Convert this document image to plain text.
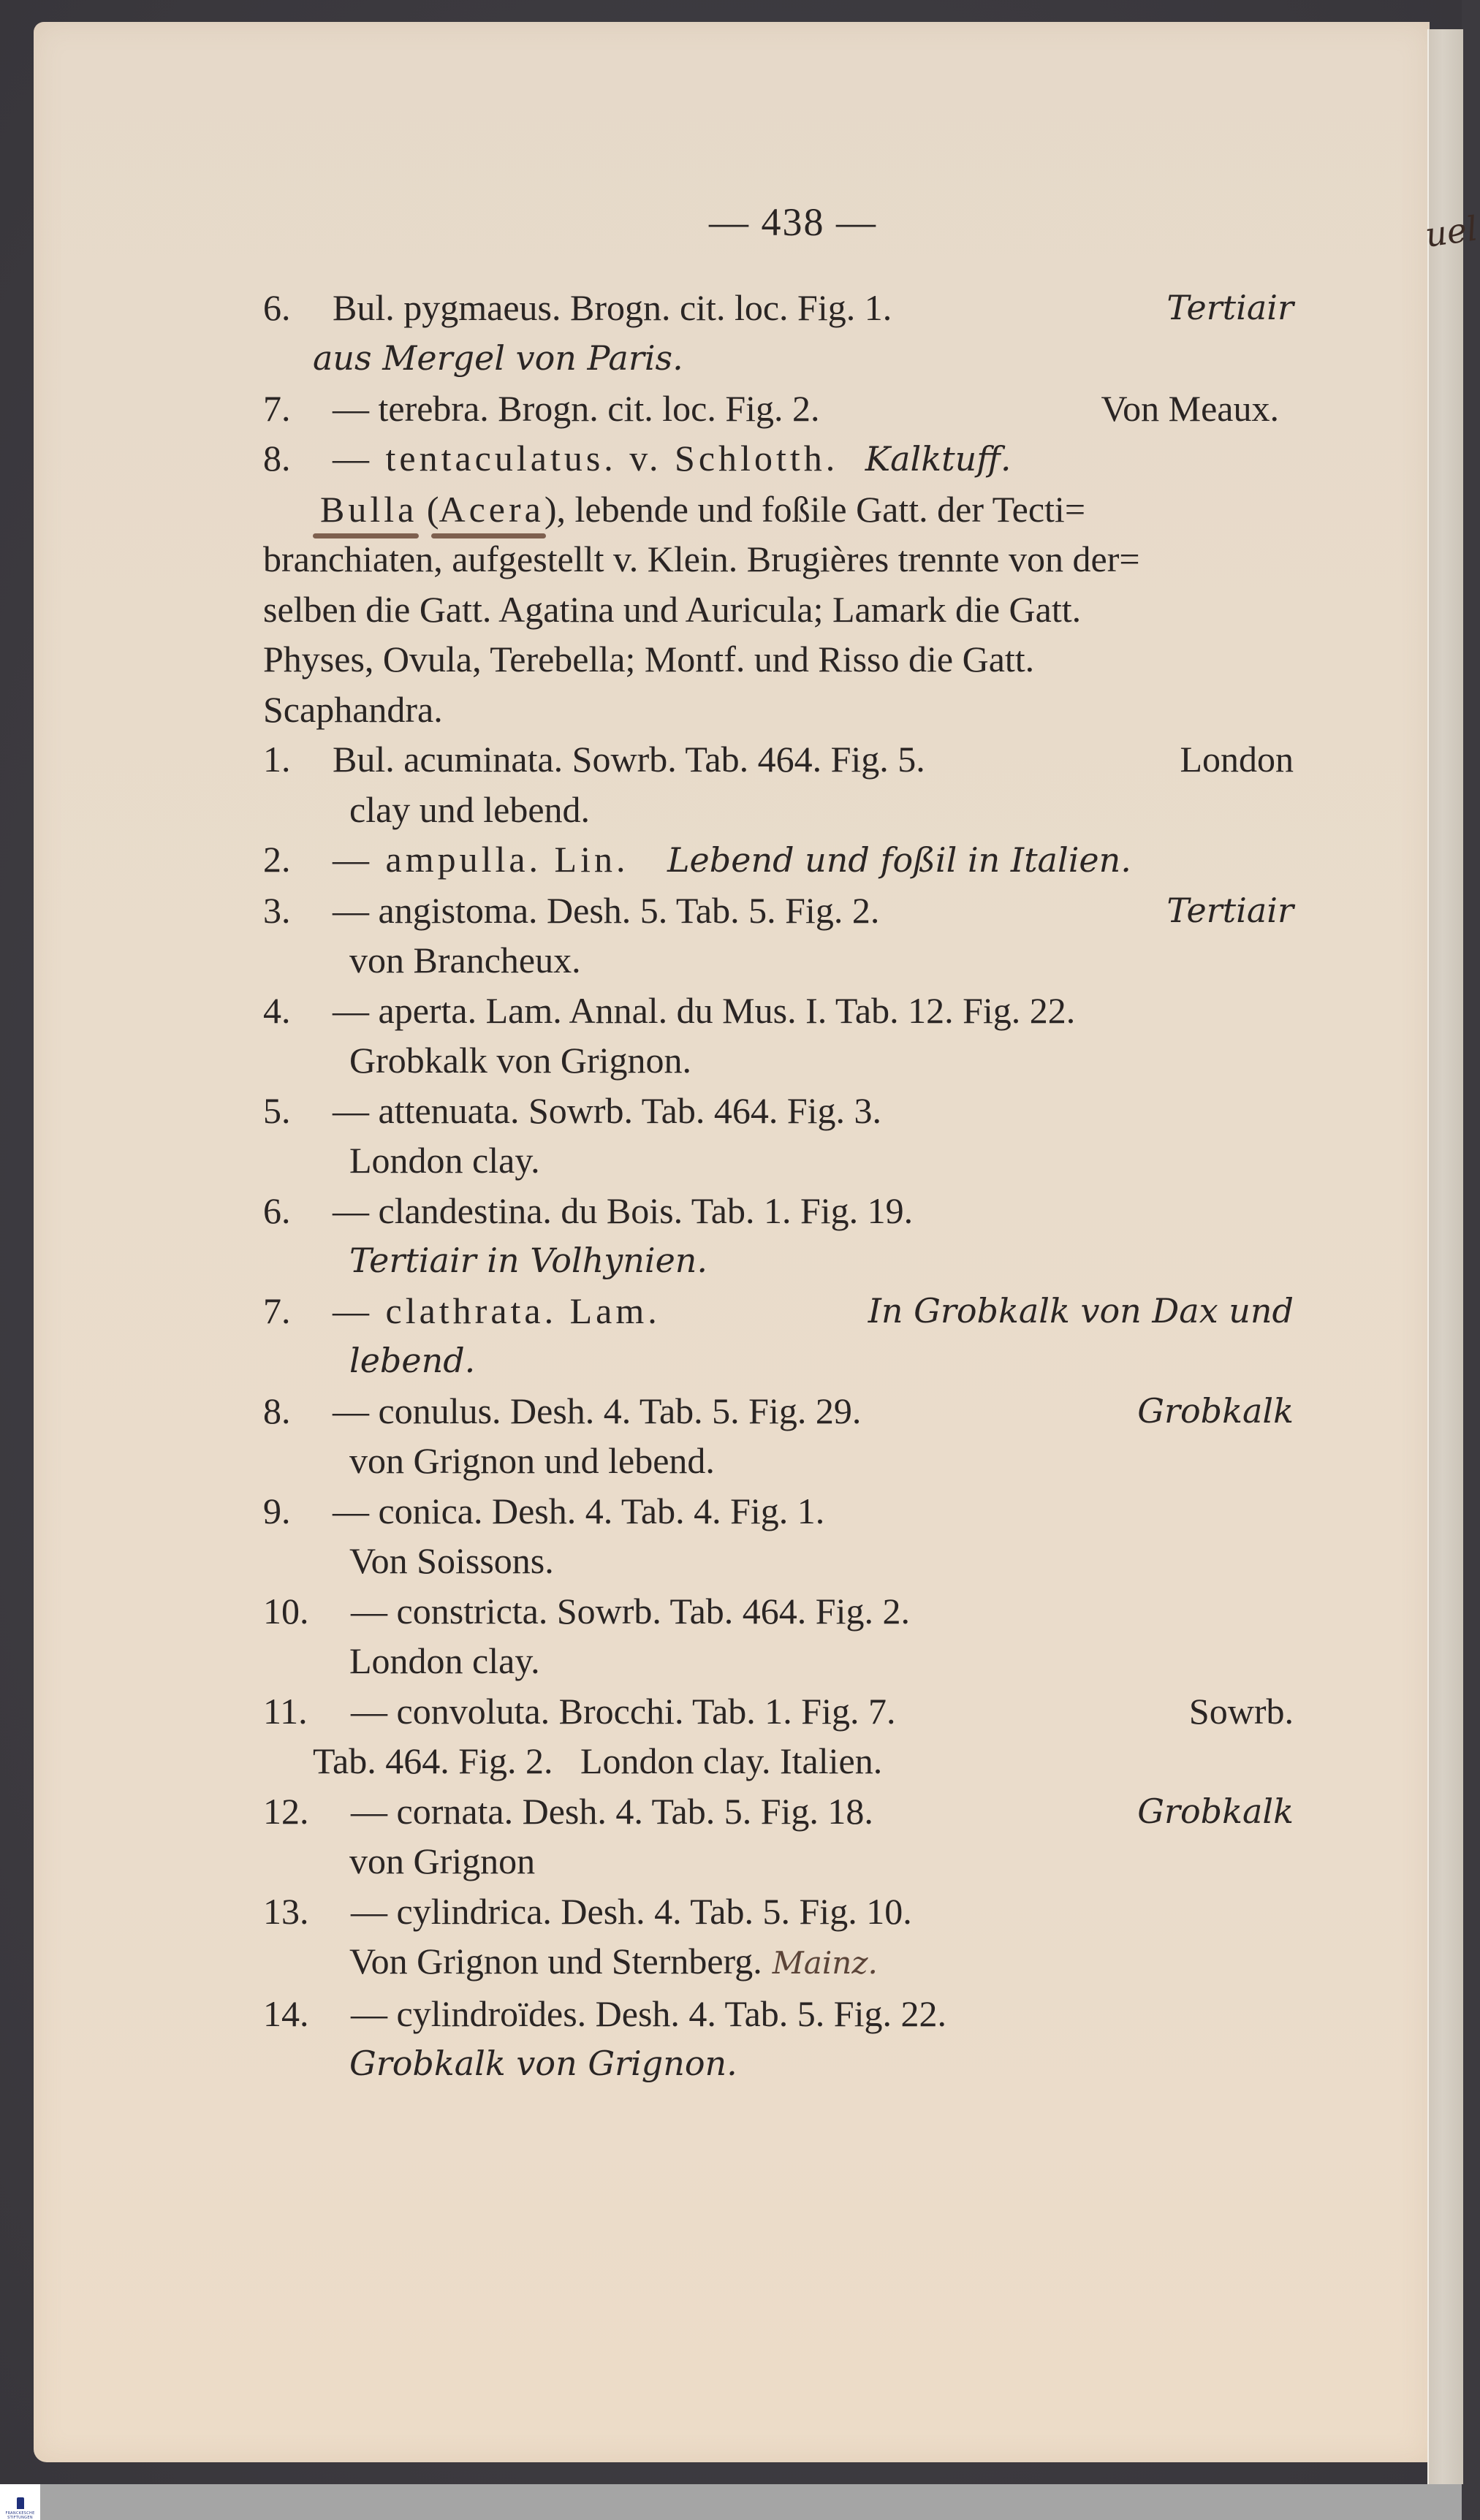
uel
— 438 —
6. Bul. pygmaeus. Brogn. cit. loc. Fig. 1.	Tertiair
aus Mergel von Paris.
7. — terebra. Brogn. cit. loc. Fig. 2.	Von Meaux.
8. — tentaculatus. v. Schlotth. Kalktuff.
Bulla (Acera), lebende und foßile Gatt. der Tecti=
branchiaten, aufgestellt v. Klein. Brugières trennte von der=
selben die Gatt. Agatina und Auricula; Lamark die Gatt.
Physes, Ovula, Terebella; Montf. und Risso die Gatt.
Scaphandra.
1. Bul. acuminata. Sowrb. Tab. 464. Fig. 5.	London
clay und lebend.
2. — ampulla. Lin. Lebend und foßil in Italien.
3. — angistoma. Desh. 5. Tab. 5. Fig. 2.	Tertiair
von Brancheux.
4. — aperta. Lam. Annal. du Mus. I. Tab. 12. Fig. 22.
Grobkalk von Grignon.
5. — attenuata. Sowrb. Tab. 464. Fig. 3.
London clay.
6. — clandestina. du Bois. Tab. 1. Fig. 19.
Tertiair in Volhynien.
7. — clathrata. Lam.	In Grobkalk von Dax und
lebend.
8. — conulus. Desh. 4. Tab. 5. Fig. 29.	Grobkalk
von Grignon und lebend.
9. — conica. Desh. 4. Tab. 4. Fig. 1.
Von Soissons.
10. — constricta. Sowrb. Tab. 464. Fig. 2.
London clay.
11. — convoluta. Brocchi. Tab. 1. Fig. 7.	Sowrb.
Tab. 464. Fig. 2.   London clay. Italien.
12. — cornata. Desh. 4. Tab. 5. Fig. 18.	Grobkalk
von Grignon
13. — cylindrica. Desh. 4. Tab. 5. Fig. 10.
Von Grignon und Sternberg. Mainz.
14. — cylindroïdes. Desh. 4. Tab. 5. Fig. 22.
Grobkalk von Grignon.
FRANCKESCHE
STIFTUNGEN
